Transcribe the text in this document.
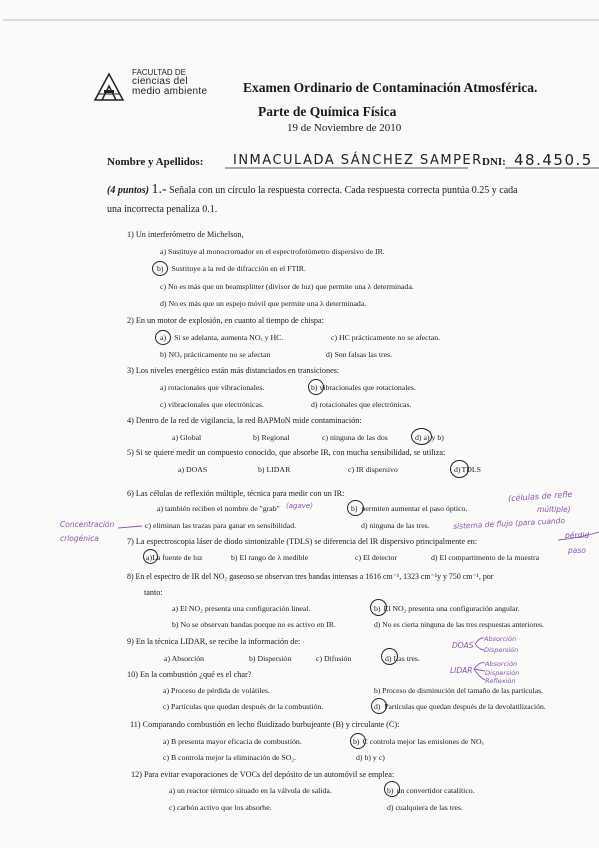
FACULTAD DE
ciencias del
medio ambiente	Examen Ordinario de Contaminación Atmosférica.
Parte de Química Física
19 de Noviembre de 2010
Nombre y Apellidos: INMACULADA SÁNCHEZ SAMPER DNI: 48.450.5
(4 puntos) 1.- Señala con un círculo la respuesta correcta. Cada respuesta correcta puntúa 0.25 y cada
una incorrecta penaliza 0.1.
1) Un interferómetro de Michelson,
a) Sustituye al monocromador en el espectrofotómetro dispersivo de IR.
b) Sustituye a la red de difracción en el FTIR.
c) No es más que un beamsplitter (divisor de luz) que permite una λ determinada.
d) No es más que un espejo móvil que permite una λ determinada.
2) En un motor de explosión, en cuanto al tiempo de chispa:
a) Si se adelanta, aumenta NOₓ y HC.	c) HC prácticamente no se afectan.
b) NOₓ prácticamente no se afectan	d) Son falsas las tres.
3) Los niveles energético están más distanciados en transiciones:
a) rotacionales que vibracionales.	b) vibracionales que rotacionales.
c) vibracionales que electrónicas.	d) rotacionales que electrónicas.
4) Dentro de la red de vigilancia, la red BAPMoN mide contaminación:
a) Global	b) Regional	c) ninguna de las dos	d) a) y b)
5) Si se quiere medir un compuesto conocido, que absorbe IR, con mucha sensibilidad, se utiliza:
a) DOAS	b) LIDAR	c) IR dispersivo	d)TDLS
6) Las células de reflexión múltiple, técnica para medir con un IR:
a) también reciben el nombre de "grab" (agave)	b) permiten aumentar el paso óptico.
(células de refle
múltiple)
c) eliminan las trazas para ganar en sensibilidad.	d) ninguna de las tres.
Concentración
criogénica
sistema de flujo (para cuando
pérdid
7) La espectroscopia láser de diodo sintonizable (TDLS) se diferencia del IR dispersivo principalmente en:
a)La fuente de luz	b) El rango de λ medible	c) El detector	d) El compartimento de la muestra
paso
8) En el espectro de IR del NO₂ gaseoso se observan tres bandas intensas a 1616 cm⁻¹, 1323 cm⁻¹y y 750 cm⁻¹, por
tanto:
a) El NO₂ presenta una configuración lineal.	b) El NO₂ presenta una configuración angular.
b) No se observan bandas porque no es activo en IR.	d) No es cierta ninguna de las tres respuestas anteriores.
9) En la técnica LIDAR, se recibe la información de:
a) Absorción	b) Dispersión	c) Difusión	d) Las tres.
DOAS
Absorción
Dispersión
LIDAR
Absorción
Dispersión
Reflexión
10) En la combustión ¿qué es el char?
a) Proceso de pérdida de volátiles.	b) Proceso de disminución del tamaño de las partículas.
c) Partículas que quedan después de la combustión.	d) Partículas que quedan después de la devolatilización.
11) Comparando combustión en lecho fluidizado burbujeante (B) y circulante (C):
a) B presenta mayor eficacia de combustión.	b) C controla mejor las emisiones de NOₓ
c) B controla mejor la eliminación de SO₂.	d) b) y c)
12) Para evitar evaporaciones de VOCs del depósito de un automóvil se emplea:
a) un reactor térmico situado en la válvula de salida.	b) un convertidor catalítico.
c) carbón activo que los absorbe.	d) cualquiera de las tres.
